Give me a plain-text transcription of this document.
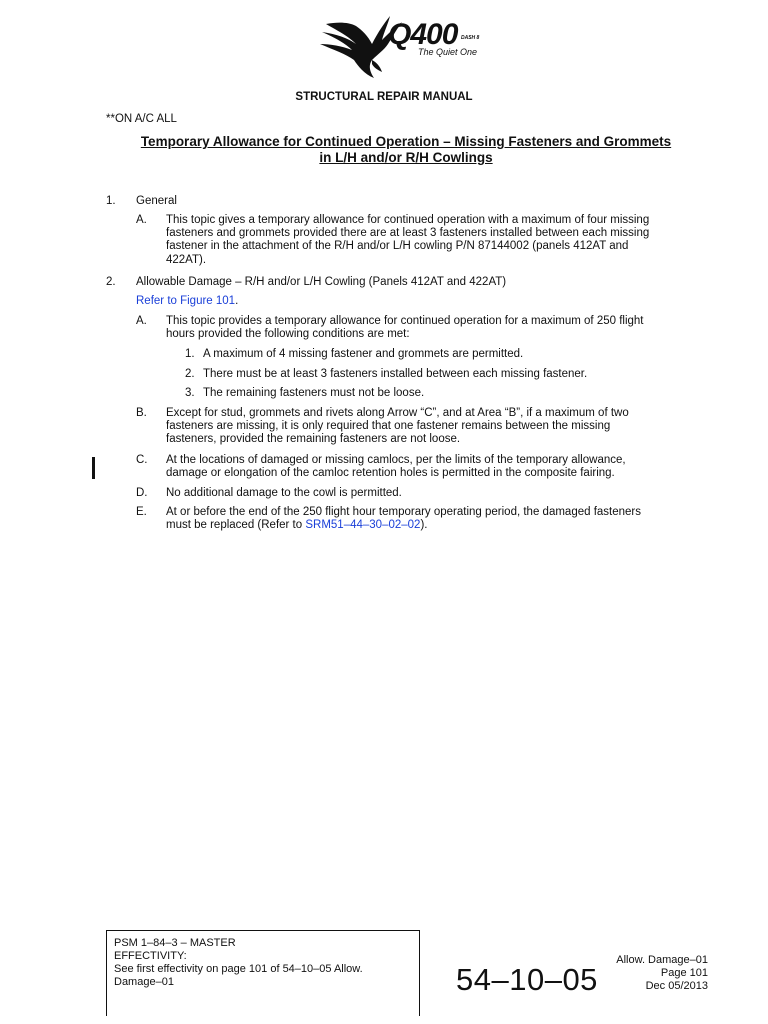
Q400 DASH 8
The Quiet One
STRUCTURAL REPAIR MANUAL
**ON A/C ALL
Temporary Allowance for Continued Operation – Missing Fasteners and Grommets
in L/H and/or R/H Cowlings
1. General
A. This topic gives a temporary allowance for continued operation with a maximum of four missing
fasteners and grommets provided there are at least 3 fasteners installed between each missing
fastener in the attachment of the R/H and/or L/H cowling P/N 87144002 (panels 412AT and
422AT).
2. Allowable Damage – R/H and/or L/H Cowling (Panels 412AT and 422AT)
Refer to Figure 101.
A. This topic provides a temporary allowance for continued operation for a maximum of 250 flight
hours provided the following conditions are met:
1. A maximum of 4 missing fastener and grommets are permitted.
2. There must be at least 3 fasteners installed between each missing fastener.
3. The remaining fasteners must not be loose.
B. Except for stud, grommets and rivets along Arrow “C”, and at Area “B”, if a maximum of two
fasteners are missing, it is only required that one fastener remains between the missing
fasteners, provided the remaining fasteners are not loose.
C. At the locations of damaged or missing camlocs, per the limits of the temporary allowance,
damage or elongation of the camloc retention holes is permitted in the composite fairing.
D. No additional damage to the cowl is permitted.
E. At or before the end of the 250 flight hour temporary operating period, the damaged fasteners
must be replaced (Refer to SRM51–44–30–02–02).
PSM 1–84–3 – MASTER
EFFECTIVITY:
See first effectivity on page 101 of 54–10–05 Allow.
Damage–01	54–10–05
Allow. Damage–01
Page 101
Dec 05/2013
